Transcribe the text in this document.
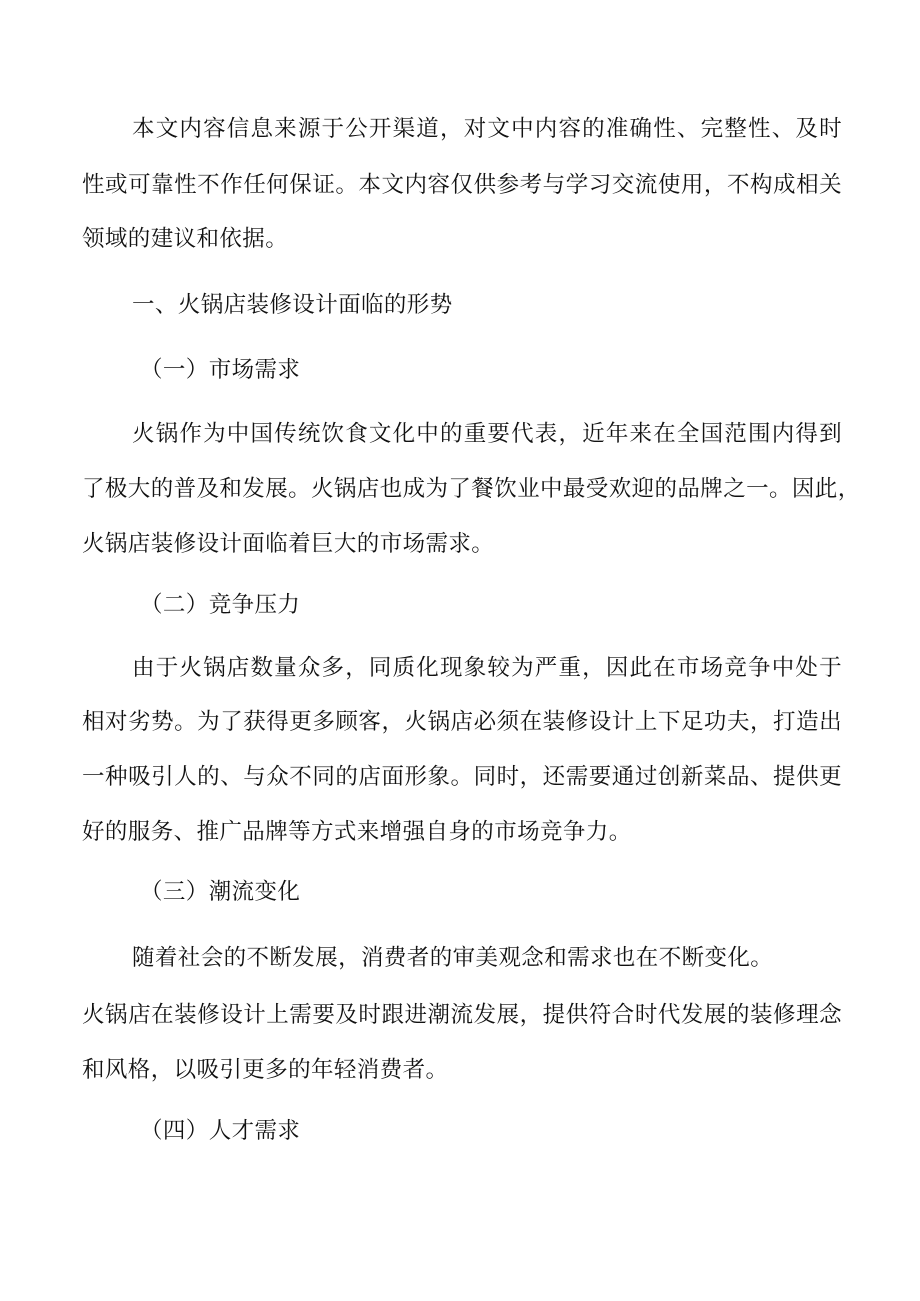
本文内容信息来源于公开渠道，对文中内容的准确性、完整性、及时
性或可靠性不作任何保证。本文内容仅供参考与学习交流使用，不构成相关
领域的建议和依据。
一、火锅店装修设计面临的形势
（一）市场需求
火锅作为中国传统饮食文化中的重要代表，近年来在全国范围内得到
了极大的普及和发展。火锅店也成为了餐饮业中最受欢迎的品牌之一。因此，
火锅店装修设计面临着巨大的市场需求。
（二）竞争压力
由于火锅店数量众多，同质化现象较为严重，因此在市场竞争中处于
相对劣势。为了获得更多顾客，火锅店必须在装修设计上下足功夫，打造出
一种吸引人的、与众不同的店面形象。同时，还需要通过创新菜品、提供更
好的服务、推广品牌等方式来增强自身的市场竞争力。
（三）潮流变化
随着社会的不断发展，消费者的审美观念和需求也在不断变化。
火锅店在装修设计上需要及时跟进潮流发展，提供符合时代发展的装修理念
和风格，以吸引更多的年轻消费者。
（四）人才需求
